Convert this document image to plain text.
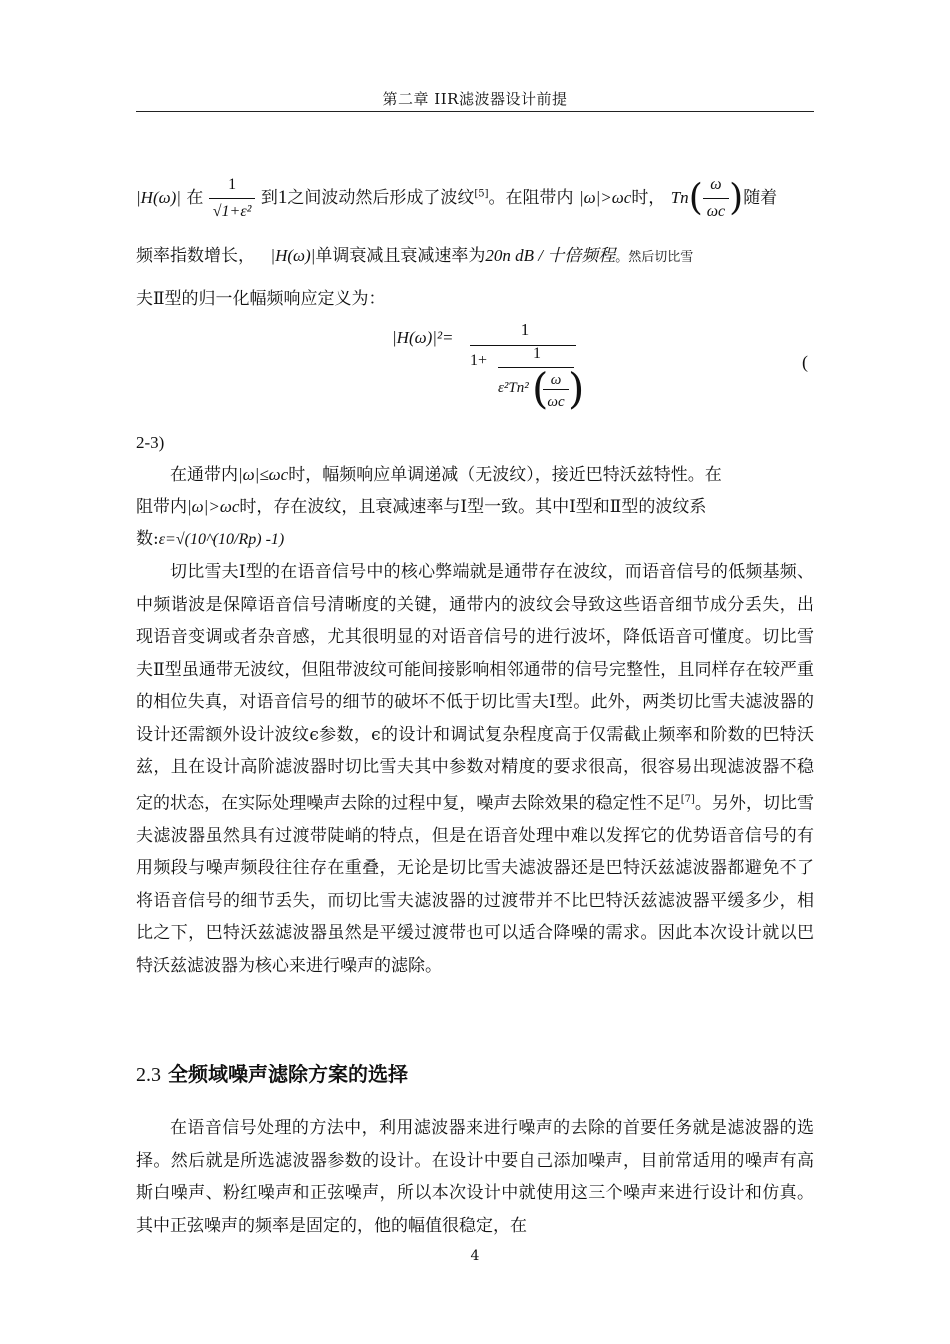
第二章 IIR滤波器设计前提
|H(ω)| 在 $\frac{1}{\text{√1+ε²}}$ 到1之间波动然后形成了波纹[5]。在阻带内 |ω|>ωc时， $Tn( \frac{\omega}{\omega c}$ )随着
频率指数增长， |H(ω)|单调衰减且衰减速率为20n dB / 十倍频程。然后切比雪
夫Ⅱ型的归一化幅频响应定义为：
|H(ω)|²=	1
1+	1
ε²Tn² ( ω
ωc )
(
2-3)
在通带内|ω|≤ωc时，幅频响应单调递减（无波纹），接近巴特沃兹特性。在
阻带内|ω|>ωc时，存在波纹，且衰减速率与Ⅰ型一致。其中Ⅰ型和Ⅱ型的波纹系
数:ε=√(10^(10/Rp) -1)

切比雪夫Ⅰ型的在语音信号中的核心弊端就是通带存在波纹，而语音信号的低频基频、中频谐波是保障语音信号清晰度的关键，通带内的波纹会导致这些语音细节成分丢失，出现语音变调或者杂音感，尤其很明显的对语音信号的进行波坏，降低语音可懂度。切比雪夫Ⅱ型虽通带无波纹，但阻带波纹可能间接影响相邻通带的信号完整性，且同样存在较严重的相位失真，对语音信号的细节的破坏不低于切比雪夫Ⅰ型。此外，两类切比雪夫滤波器的设计还需额外设计波纹ϵ参数，ϵ的设计和调试复杂程度高于仅需截止频率和阶数的巴特沃兹，且在设计高阶滤波器时切比雪夫其中参数对精度的要求很高，很容易出现滤波器不稳定的状态，在实际处理噪声去除的过程中复，噪声去除效果的稳定性不足[7]。另外，切比雪夫滤波器虽然具有过渡带陡峭的特点，但是在语音处理中难以发挥它的优势语音信号的有用频段与噪声频段往往存在重叠，无论是切比雪夫滤波器还是巴特沃兹滤波器都避免不了将语音信号的细节丢失，而切比雪夫滤波器的过渡带并不比巴特沃兹滤波器平缓多少，相比之下，巴特沃兹滤波器虽然是平缓过渡带也可以适合降噪的需求。因此本次设计就以巴特沃兹滤波器为核心来进行噪声的滤除。

2.3 全频域噪声滤除方案的选择

在语音信号处理的方法中，利用滤波器来进行噪声的去除的首要任务就是滤波器的选择。然后就是所选滤波器参数的设计。在设计中要自己添加噪声，目前常适用的噪声有高斯白噪声、粉红噪声和正弦噪声，所以本次设计中就使用这三个噪声来进行设计和仿真。其中正弦噪声的频率是固定的，他的幅值很稳定，在

4
